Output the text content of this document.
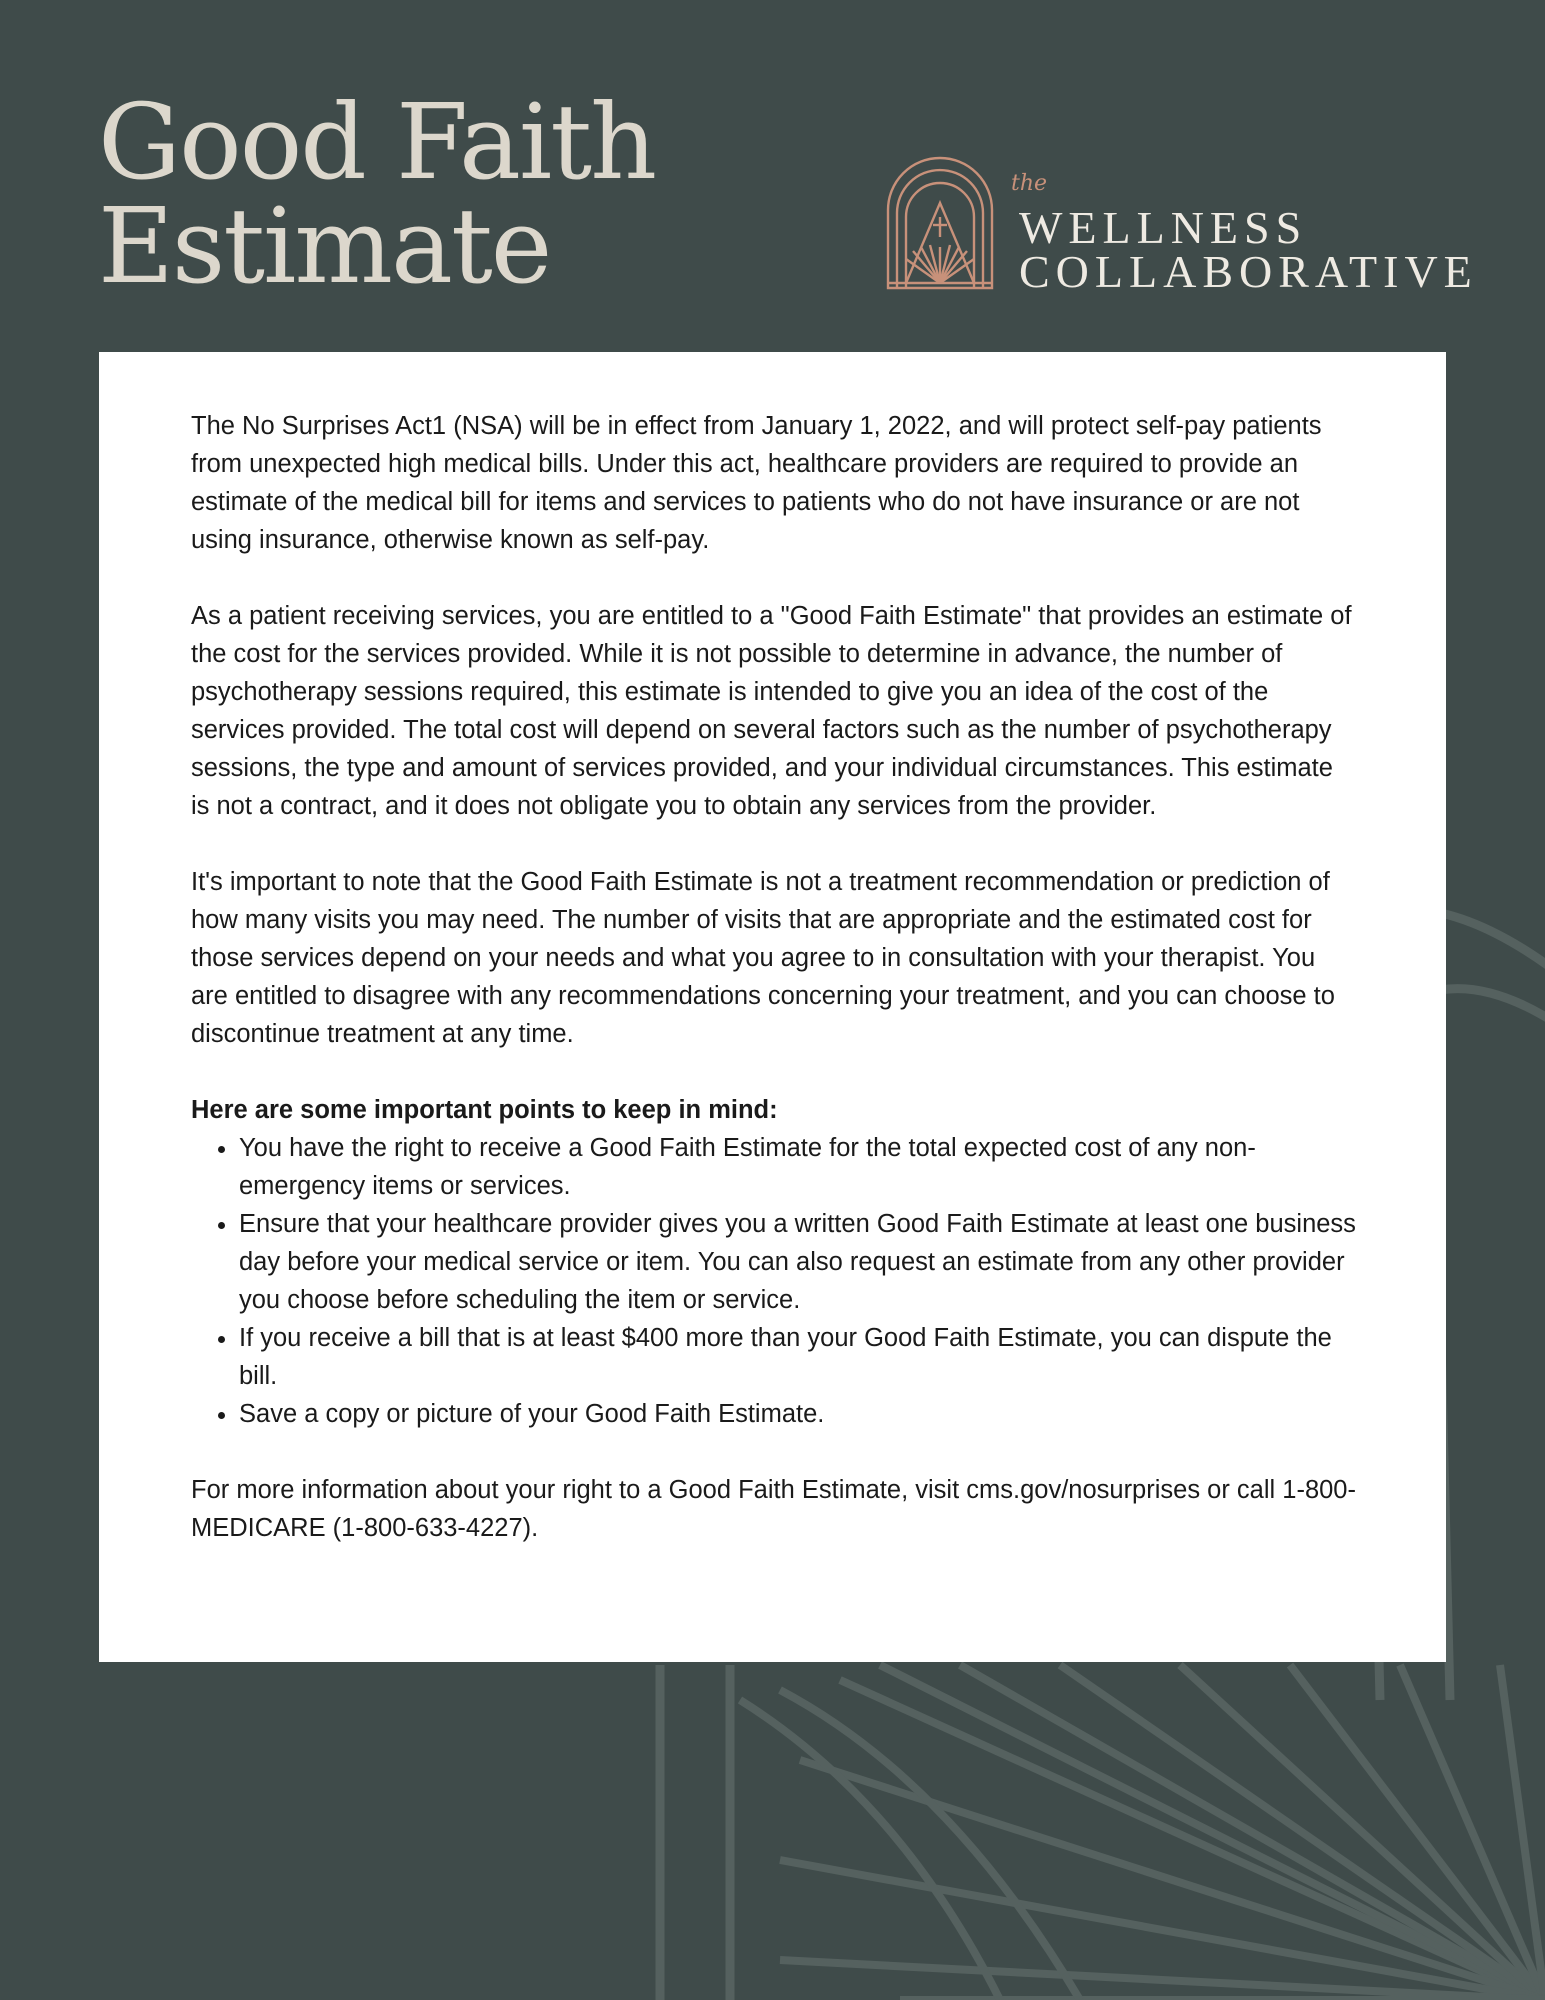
Good Faith
Estimate
the
WELLNESS
COLLABORATIVE

The No Surprises Act1 (NSA) will be in effect from January 1, 2022, and will protect self-pay patients from unexpected high medical bills. Under this act, healthcare providers are required to provide an estimate of the medical bill for items and services to patients who do not have insurance or are not using insurance, otherwise known as self-pay.

As a patient receiving services, you are entitled to a "Good Faith Estimate" that provides an estimate of the cost for the services provided. While it is not possible to determine in advance, the number of psychotherapy sessions required, this estimate is intended to give you an idea of the cost of the services provided. The total cost will depend on several factors such as the number of psychotherapy sessions, the type and amount of services provided, and your individual circumstances. This estimate is not a contract, and it does not obligate you to obtain any services from the provider.

It's important to note that the Good Faith Estimate is not a treatment recommendation or prediction of how many visits you may need. The number of visits that are appropriate and the estimated cost for those services depend on your needs and what you agree to in consultation with your therapist. You are entitled to disagree with any recommendations concerning your treatment, and you can choose to discontinue treatment at any time.

Here are some important points to keep in mind:

• You have the right to receive a Good Faith Estimate for the total expected cost of any non-emergency items or services.
• Ensure that your healthcare provider gives you a written Good Faith Estimate at least one business day before your medical service or item. You can also request an estimate from any other provider you choose before scheduling the item or service.
• If you receive a bill that is at least $400 more than your Good Faith Estimate, you can dispute the bill.
• Save a copy or picture of your Good Faith Estimate.

For more information about your right to a Good Faith Estimate, visit cms.gov/nosurprises or call 1-800-MEDICARE (1-800-633-4227).
